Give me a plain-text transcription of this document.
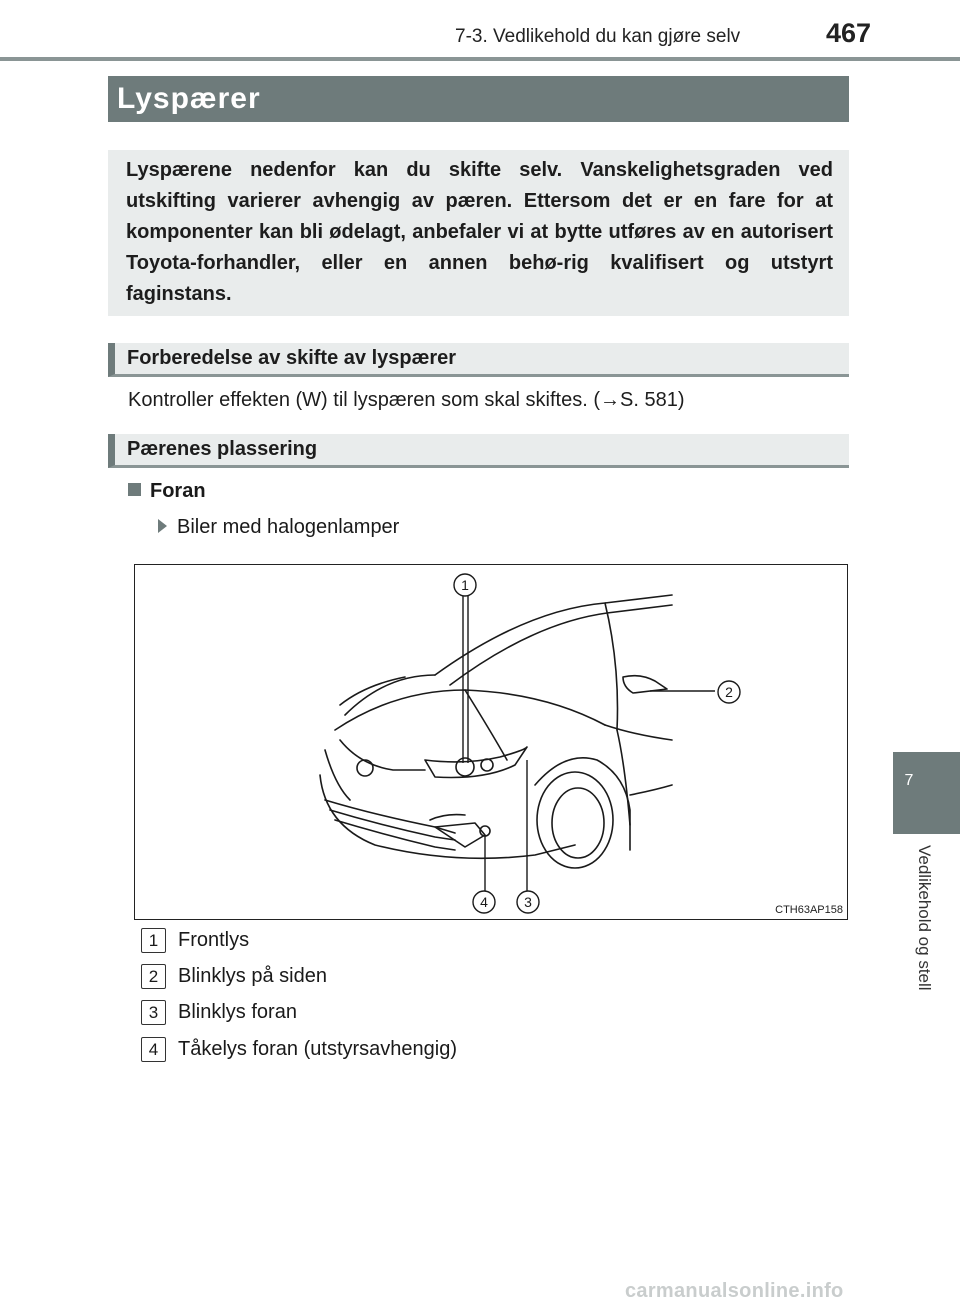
7-3. Vedlikehold du kan gjøre selv	467
Lyspærer
Lyspærene nedenfor kan du skifte selv. Vanskelighetsgraden ved utskifting varierer avhengig av pæren. Ettersom det er en fare for at komponenter kan bli ødelagt, anbefaler vi at bytte utføres av en autorisert Toyota-forhandler, eller en annen behø-rig kvalifisert og utstyrt faginstans.
Forberedelse av skifte av lyspærer
Kontroller effekten (W) til lyspæren som skal skiftes. (→S. 581)
Pærenes plassering
Foran
Biler med halogenlamper
1
2
3
4	CTH63AP158
1 Frontlys
2 Blinklys på siden
3 Blinklys foran
4 Tåkelys foran (utstyrsavhengig)
7
Vedlikehold og stell
carmanualsonline.info
